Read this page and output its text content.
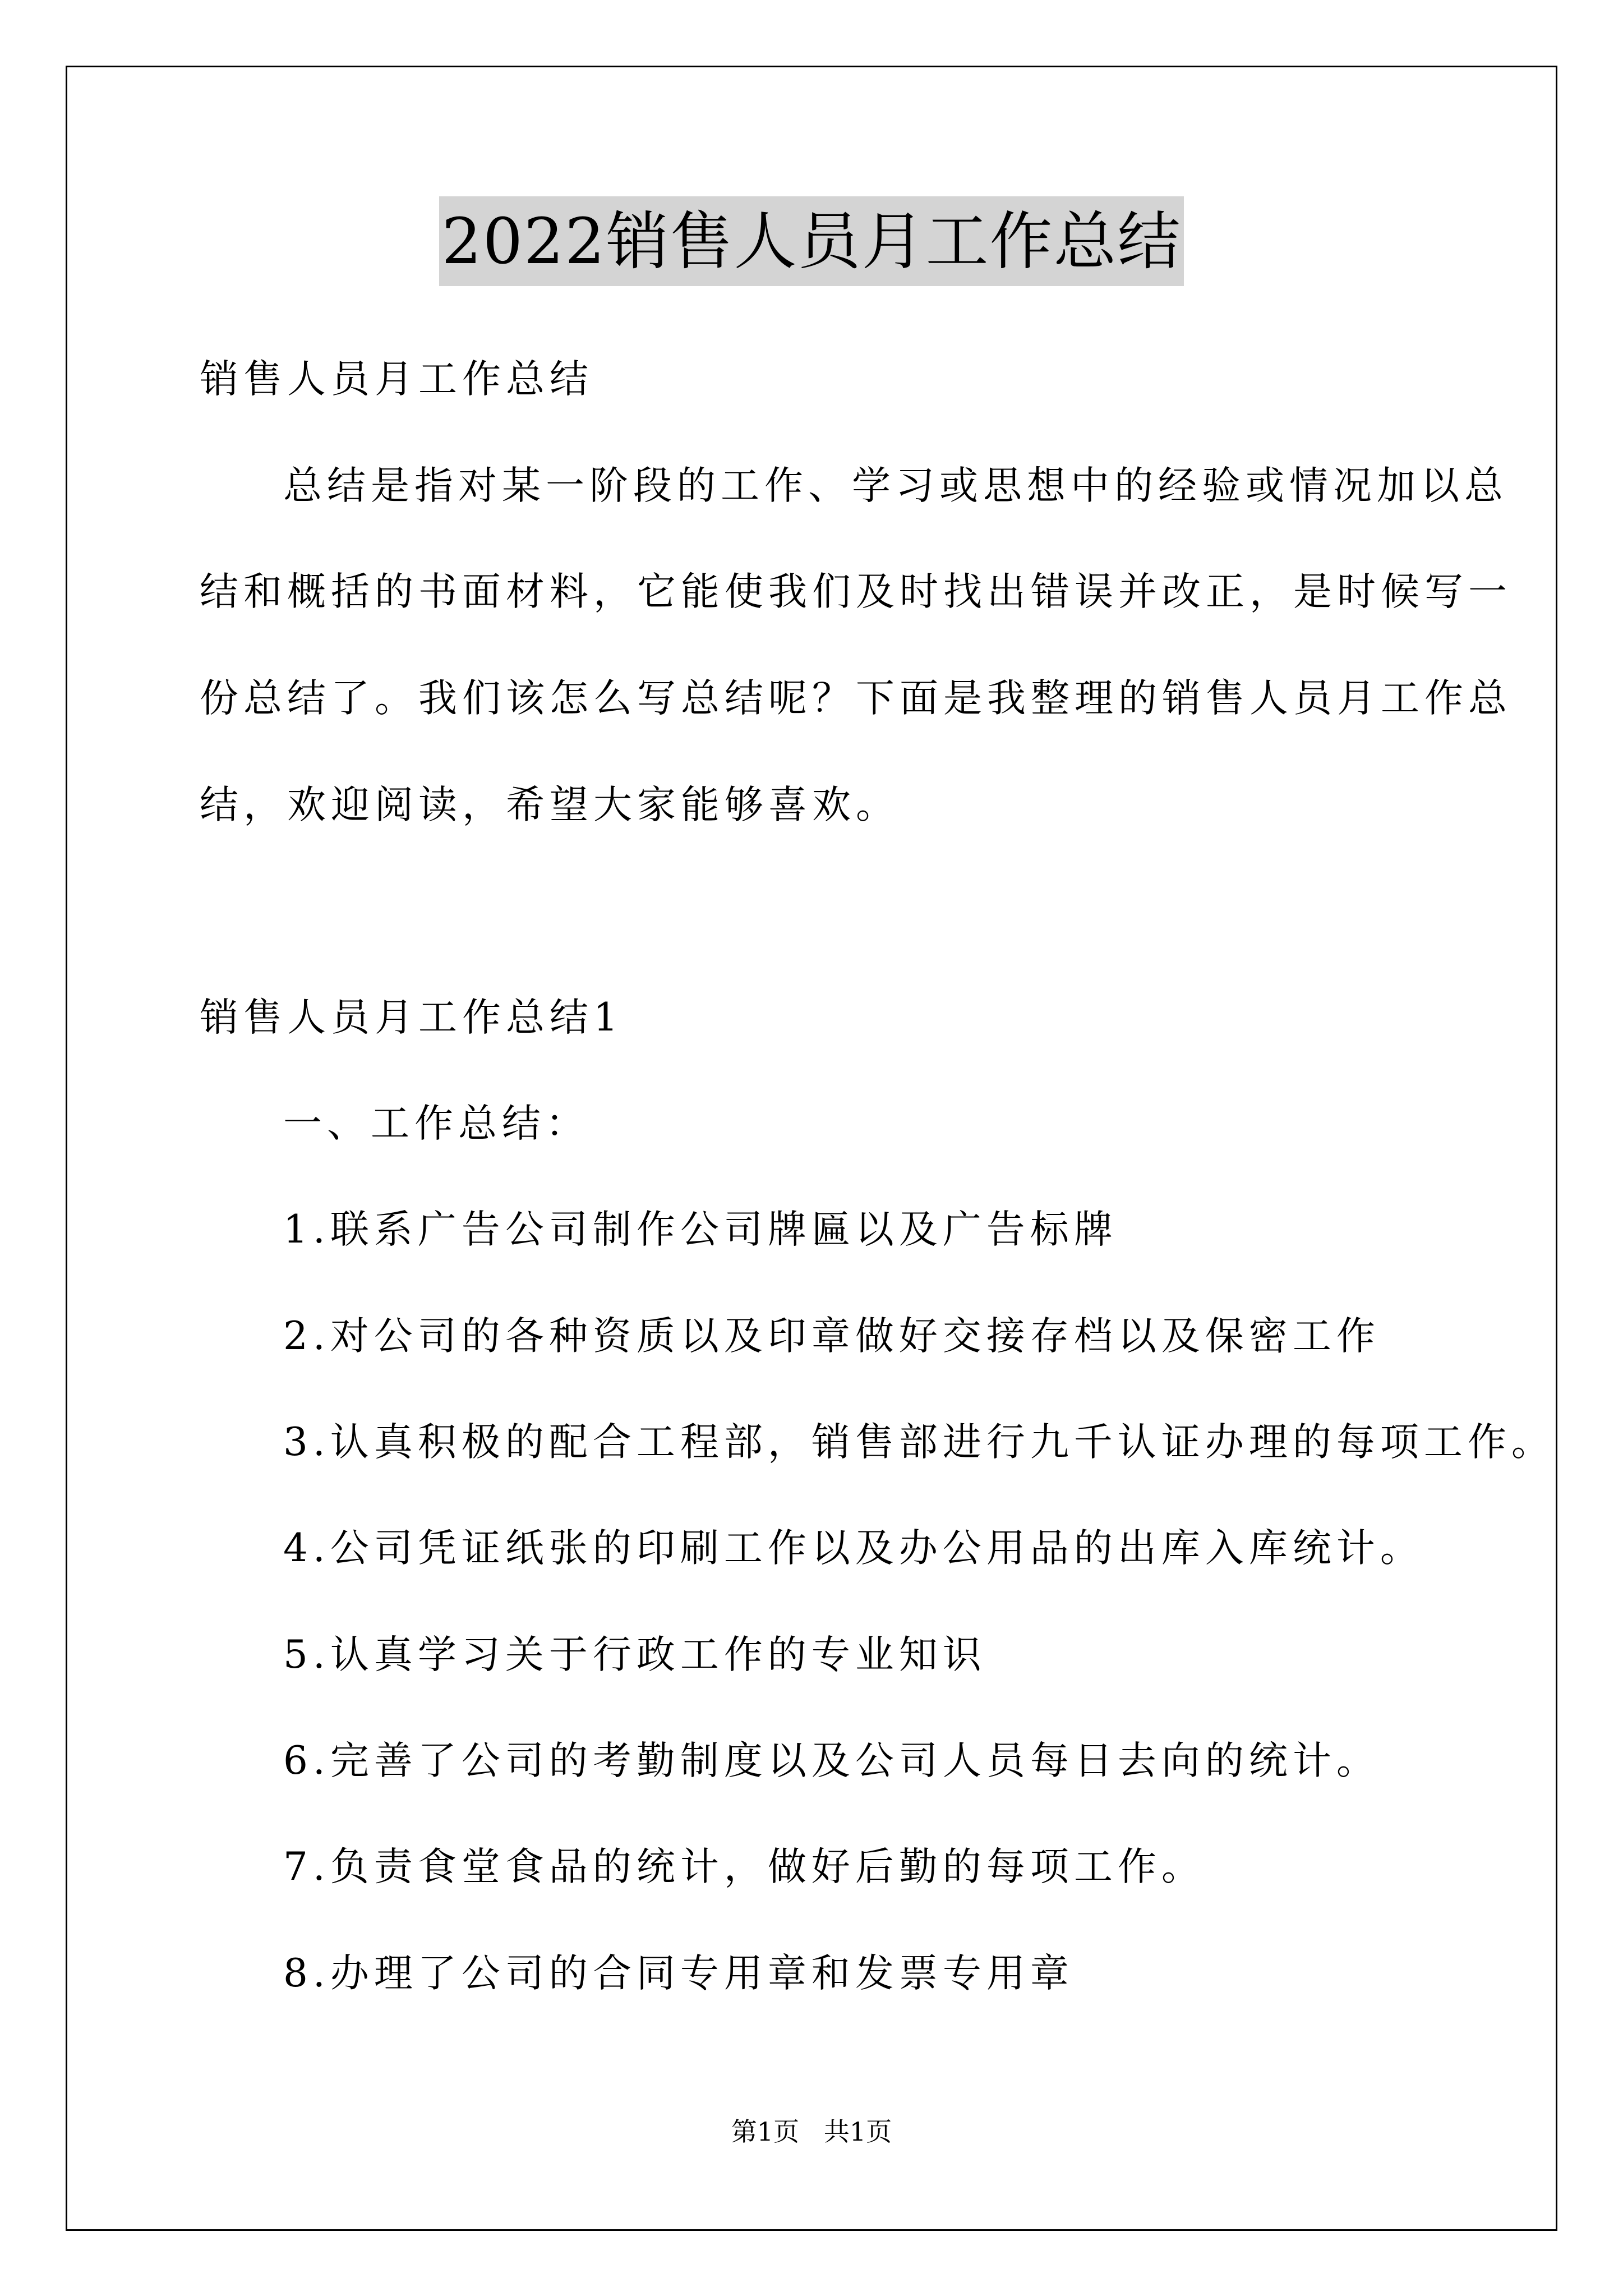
2022销售人员月工作总结
销售人员月工作总结
总结是指对某一阶段的工作、学习或思想中的经验或情况加以总
结和概括的书面材料，它能使我们及时找出错误并改正，是时候写一
份总结了。我们该怎么写总结呢？下面是我整理的销售人员月工作总
结，欢迎阅读，希望大家能够喜欢。
销售人员月工作总结1
一、工作总结：
1.联系广告公司制作公司牌匾以及广告标牌
2.对公司的各种资质以及印章做好交接存档以及保密工作
3.认真积极的配合工程部，销售部进行九千认证办理的每项工作。
4.公司凭证纸张的印刷工作以及办公用品的出库入库统计。
5.认真学习关于行政工作的专业知识
6.完善了公司的考勤制度以及公司人员每日去向的统计。
7.负责食堂食品的统计，做好后勤的每项工作。
8.办理了公司的合同专用章和发票专用章
第1页   共1页
